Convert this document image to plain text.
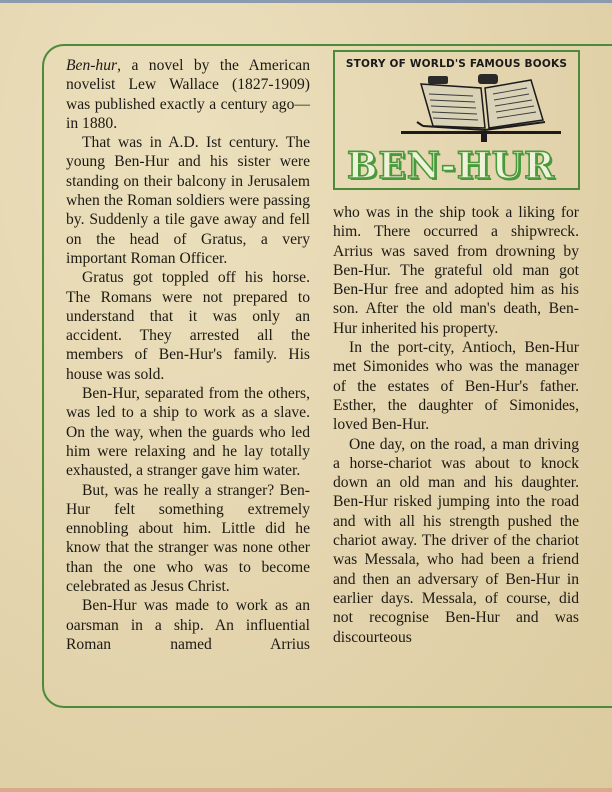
Ben-hur, a novel by the American novelist Lew Wallace (1827-1909) was published exactly a century ago—in 1880.

That was in A.D. Ist century. The young Ben-Hur and his sister were standing on their balcony in Jerusalem when the Roman soldiers were passing by. Suddenly a tile gave away and fell on the head of Gratus, a very important Roman Officer.

Gratus got toppled off his horse. The Romans were not prepared to understand that it was only an accident. They arrested all the members of Ben-Hur's family. His house was sold.

Ben-Hur, separated from the others, was led to a ship to work as a slave. On the way, when the guards who led him were relaxing and he lay totally exhausted, a stranger gave him water.

But, was he really a stranger? Ben-Hur felt something extremely ennobling about him. Little did he know that the stranger was none other than the one who was to become celebrated as Jesus Christ.

Ben-Hur was made to work as an oarsman in a ship. An influential Roman named Arrius

STORY OF WORLD'S FAMOUS BOOKS
BEN-HUR

who was in the ship took a liking for him. There occurred a shipwreck. Arrius was saved from drowning by Ben-Hur. The grateful old man got Ben-Hur free and adopted him as his son. After the old man's death, Ben-Hur inherited his property.

In the port-city, Antioch, Ben-Hur met Simonides who was the manager of the estates of Ben-Hur's father. Esther, the daughter of Simonides, loved Ben-Hur.

One day, on the road, a man driving a horse-chariot was about to knock down an old man and his daughter. Ben-Hur risked jumping into the road and with all his strength pushed the chariot away. The driver of the chariot was Messala, who had been a friend and then an adversary of Ben-Hur in earlier days. Messala, of course, did not recognise Ben-Hur and was discourteous
